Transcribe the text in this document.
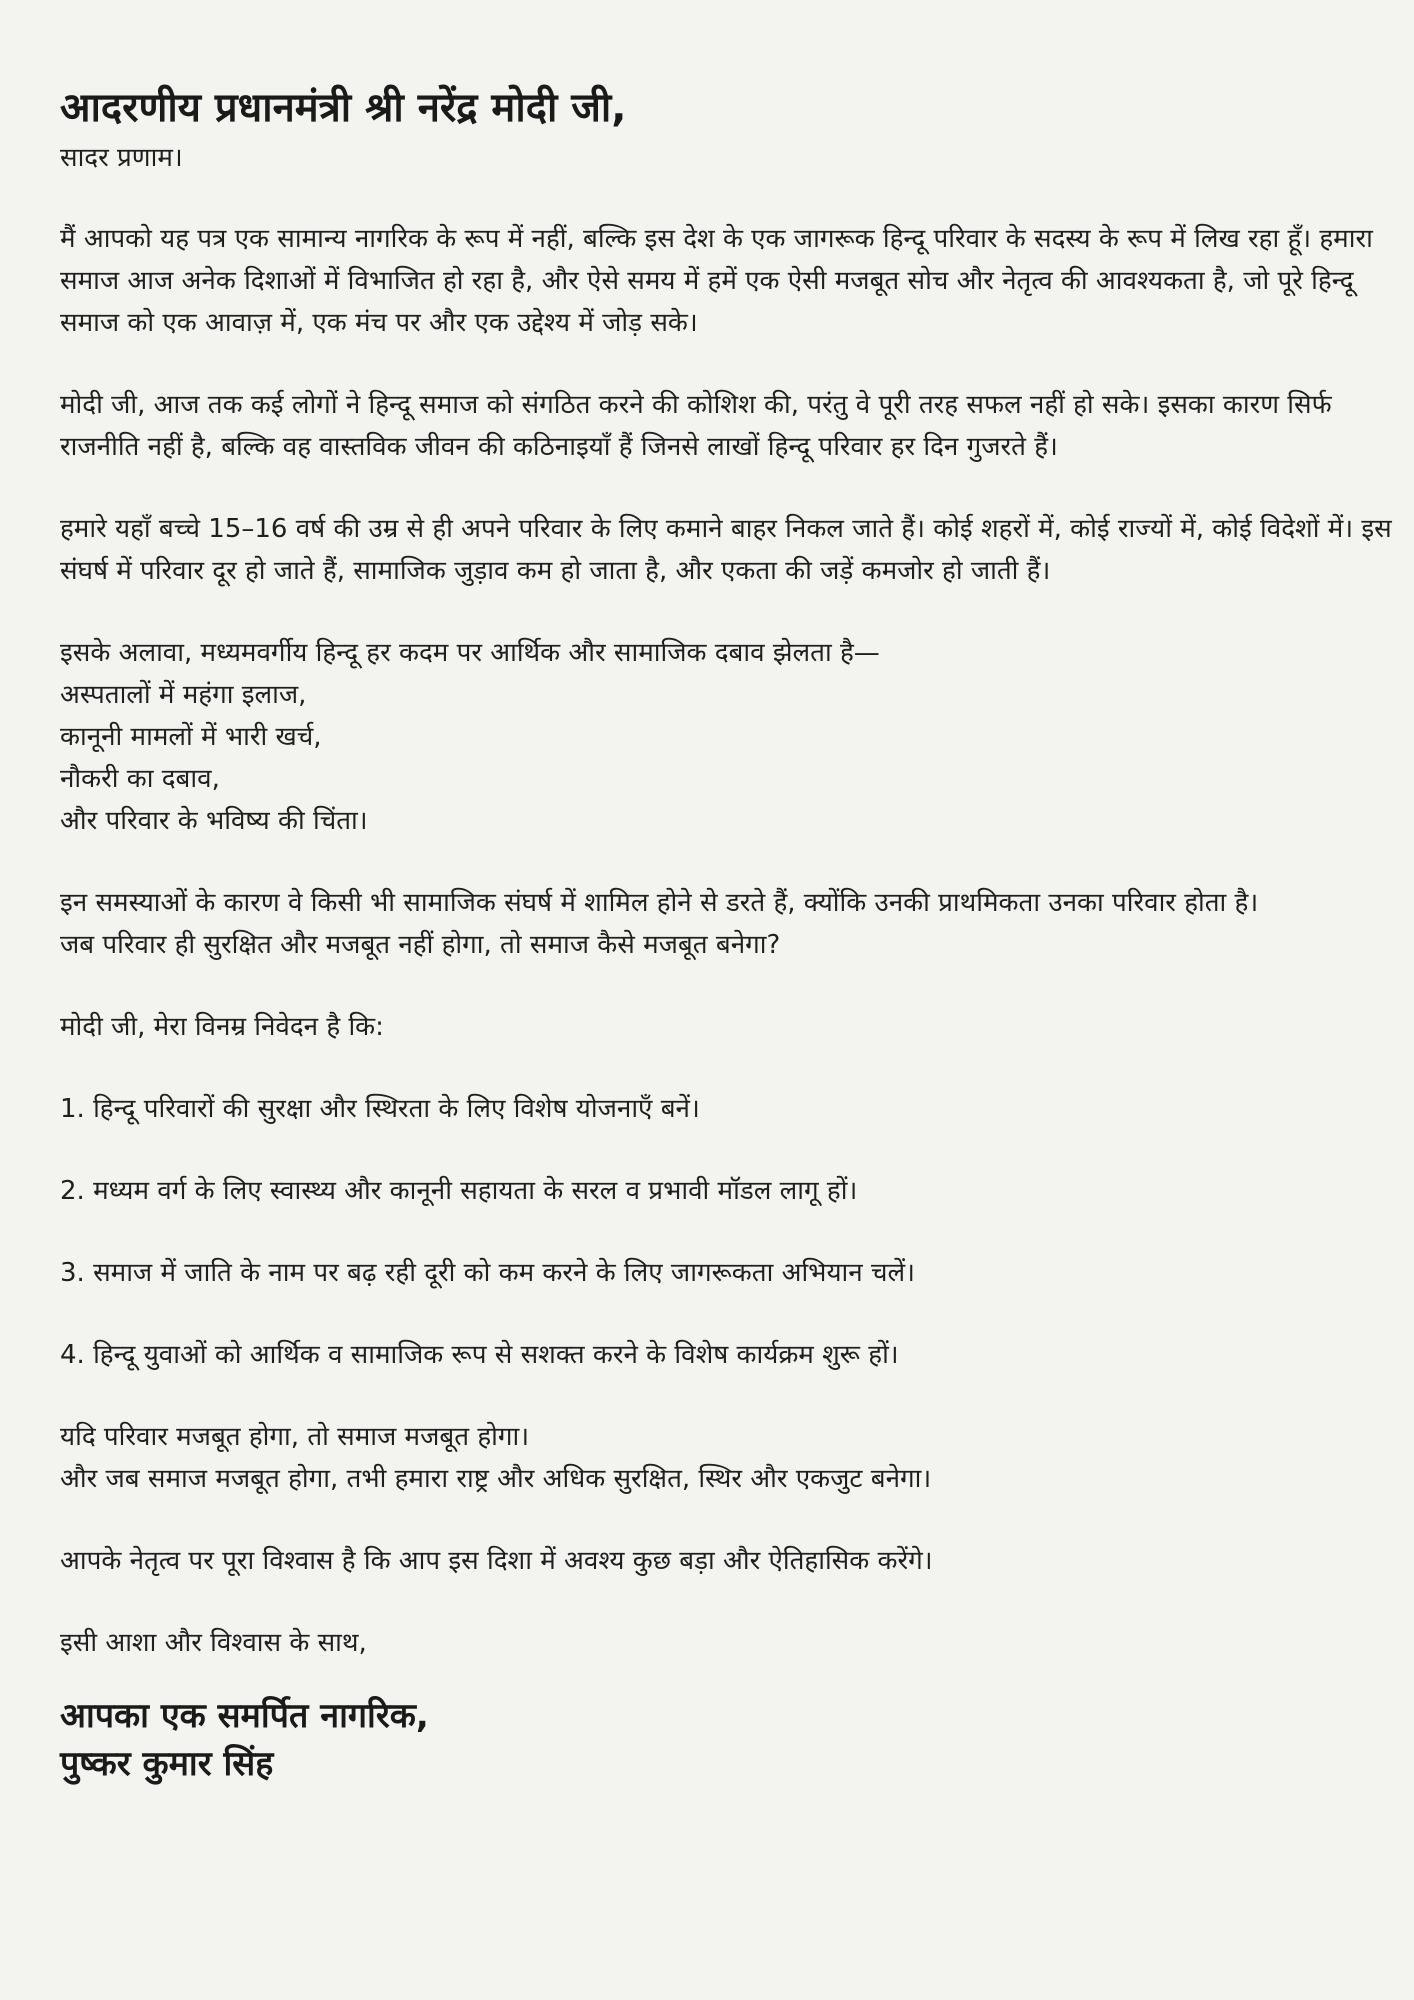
आदरणीय प्रधानमंत्री श्री नरेंद्र मोदी जी,

सादर प्रणाम।

मैं आपको यह पत्र एक सामान्य नागरिक के रूप में नहीं, बल्कि इस देश के एक जागरूक हिन्दू परिवार के सदस्य के रूप में लिख रहा हूँ। हमारा समाज आज अनेक दिशाओं में विभाजित हो रहा है, और ऐसे समय में हमें एक ऐसी मजबूत सोच और नेतृत्व की आवश्यकता है, जो पूरे हिन्दू समाज को एक आवाज़ में, एक मंच पर और एक उद्देश्य में जोड़ सके।

मोदी जी, आज तक कई लोगों ने हिन्दू समाज को संगठित करने की कोशिश की, परंतु वे पूरी तरह सफल नहीं हो सके। इसका कारण सिर्फ राजनीति नहीं है, बल्कि वह वास्तविक जीवन की कठिनाइयाँ हैं जिनसे लाखों हिन्दू परिवार हर दिन गुजरते हैं।

हमारे यहाँ बच्चे 15–16 वर्ष की उम्र से ही अपने परिवार के लिए कमाने बाहर निकल जाते हैं। कोई शहरों में, कोई राज्यों में, कोई विदेशों में। इस संघर्ष में परिवार दूर हो जाते हैं, सामाजिक जुड़ाव कम हो जाता है, और एकता की जड़ें कमजोर हो जाती हैं।

इसके अलावा, मध्यमवर्गीय हिन्दू हर कदम पर आर्थिक और सामाजिक दबाव झेलता है—
अस्पतालों में महंगा इलाज,
कानूनी मामलों में भारी खर्च,
नौकरी का दबाव,
और परिवार के भविष्य की चिंता।
इन समस्याओं के कारण वे किसी भी सामाजिक संघर्ष में शामिल होने से डरते हैं, क्योंकि उनकी प्राथमिकता उनका परिवार होता है।
जब परिवार ही सुरक्षित और मजबूत नहीं होगा, तो समाज कैसे मजबूत बनेगा?

मोदी जी, मेरा विनम्र निवेदन है कि:

1. हिन्दू परिवारों की सुरक्षा और स्थिरता के लिए विशेष योजनाएँ बनें।

2. मध्यम वर्ग के लिए स्वास्थ्य और कानूनी सहायता के सरल व प्रभावी मॉडल लागू हों।

3. समाज में जाति के नाम पर बढ़ रही दूरी को कम करने के लिए जागरूकता अभियान चलें।

4. हिन्दू युवाओं को आर्थिक व सामाजिक रूप से सशक्त करने के विशेष कार्यक्रम शुरू हों।

यदि परिवार मजबूत होगा, तो समाज मजबूत होगा।
और जब समाज मजबूत होगा, तभी हमारा राष्ट्र और अधिक सुरक्षित, स्थिर और एकजुट बनेगा।

आपके नेतृत्व पर पूरा विश्वास है कि आप इस दिशा में अवश्य कुछ बड़ा और ऐतिहासिक करेंगे।

इसी आशा और विश्वास के साथ,

आपका एक समर्पित नागरिक,
पुष्कर कुमार सिंह
